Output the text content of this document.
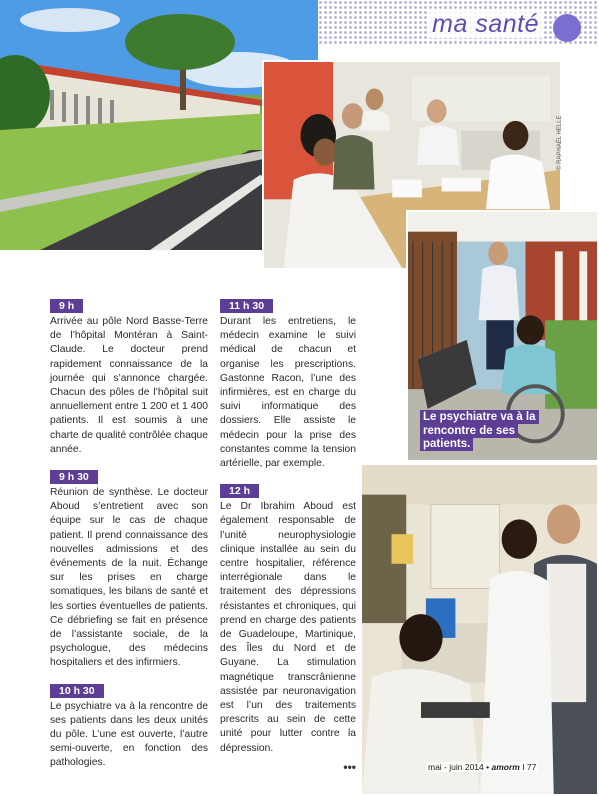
ma santé
© RAPHAËL HELLE
Le psychiatre va à la rencontre de ses patients.
9 h

Arrivée au pôle Nord Basse-Terre de l’hôpital Montéran à Saint-Claude. Le docteur prend rapidement connaissance de la journée qui s’annonce chargée. Chacun des pôles de l’hôpital suit annuellement entre 1 200 et 1 400 patients. Il est soumis à une charte de qualité contrôlée chaque année.

9 h 30

Réunion de synthèse. Le docteur Aboud s’entretient avec son équipe sur le cas de chaque patient. Il prend connaissance des nouvelles admissions et des événements de la nuit. Échange sur les prises en charge somatiques, les bilans de santé et les sorties éventuelles de patients. Ce débriefing se fait en présence de l’assistante sociale, de la psychologue, des médecins hospitaliers et des infirmiers.

10 h 30

Le psychiatre va à la rencontre de ses patients dans les deux unités du pôle. L’une est ouverte, l’autre semi-ouverte, en fonction des pathologies.

11 h 30

Durant les entretiens, le médecin examine le suivi médical de chacun et organise les prescriptions. Gastonne Racon, l’une des infirmières, est en charge du suivi informatique des dossiers. Elle assiste le médecin pour la prise des constantes comme la tension artérielle, par exemple.

12 h

Le Dr Ibrahim Aboud est également responsable de l’unité neurophysiologie clinique installée au sein du centre hospitalier, référence interrégionale dans le traitement des dépressions résistantes et chroniques, qui prend en charge des patients de Guadeloupe, Martinique, des Îles du Nord et de Guyane. La stimulation magnétique transcrânienne assistée par neuronavigation est l’un des traitements prescrits au sein de cette unité pour lutter contre la dépression.

•••	mai - juin 2014 • amorm I 77
